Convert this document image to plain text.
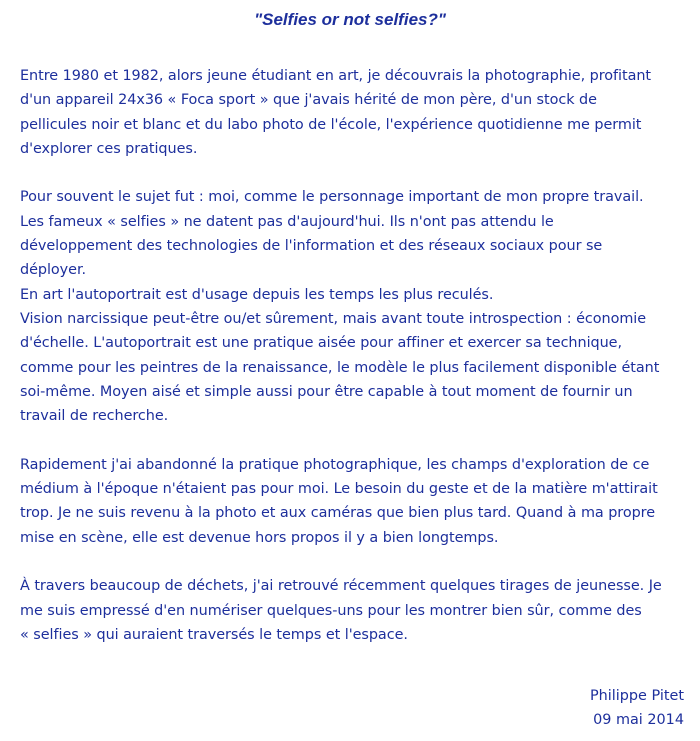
"Selfies or not selfies?"

Entre 1980 et 1982, alors jeune étudiant en art, je découvrais la photographie, profitant
d'un appareil 24x36 « Foca sport » que j'avais hérité de mon père, d'un stock de
pellicules noir et blanc et du labo photo de l'école, l'expérience quotidienne me permit
d'explorer ces pratiques.

Pour souvent le sujet fut : moi, comme le personnage important de mon propre travail.
Les fameux « selfies » ne datent pas d'aujourd'hui. Ils n'ont pas attendu le
développement des technologies de l'information et des réseaux sociaux pour se
déployer.
En art l'autoportrait est d'usage depuis les temps les plus reculés.
Vision narcissique peut-être ou/et sûrement, mais avant toute introspection : économie
d'échelle. L'autoportrait est une pratique aisée pour affiner et exercer sa technique,
comme pour les peintres de la renaissance, le modèle le plus facilement disponible étant
soi-même. Moyen aisé et simple aussi pour être capable à tout moment de fournir un
travail de recherche.

Rapidement j'ai abandonné la pratique photographique, les champs d'exploration de ce
médium à l'époque n'étaient pas pour moi. Le besoin du geste et de la matière m'attirait
trop. Je ne suis revenu à la photo et aux caméras que bien plus tard. Quand à ma propre
mise en scène, elle est devenue hors propos il y a bien longtemps.

À travers beaucoup de déchets, j'ai retrouvé récemment quelques tirages de jeunesse. Je
me suis empressé d'en numériser quelques-uns pour les montrer bien sûr, comme des
« selfies » qui auraient traversés le temps et l'espace.

Philippe Pitet
09 mai 2014
